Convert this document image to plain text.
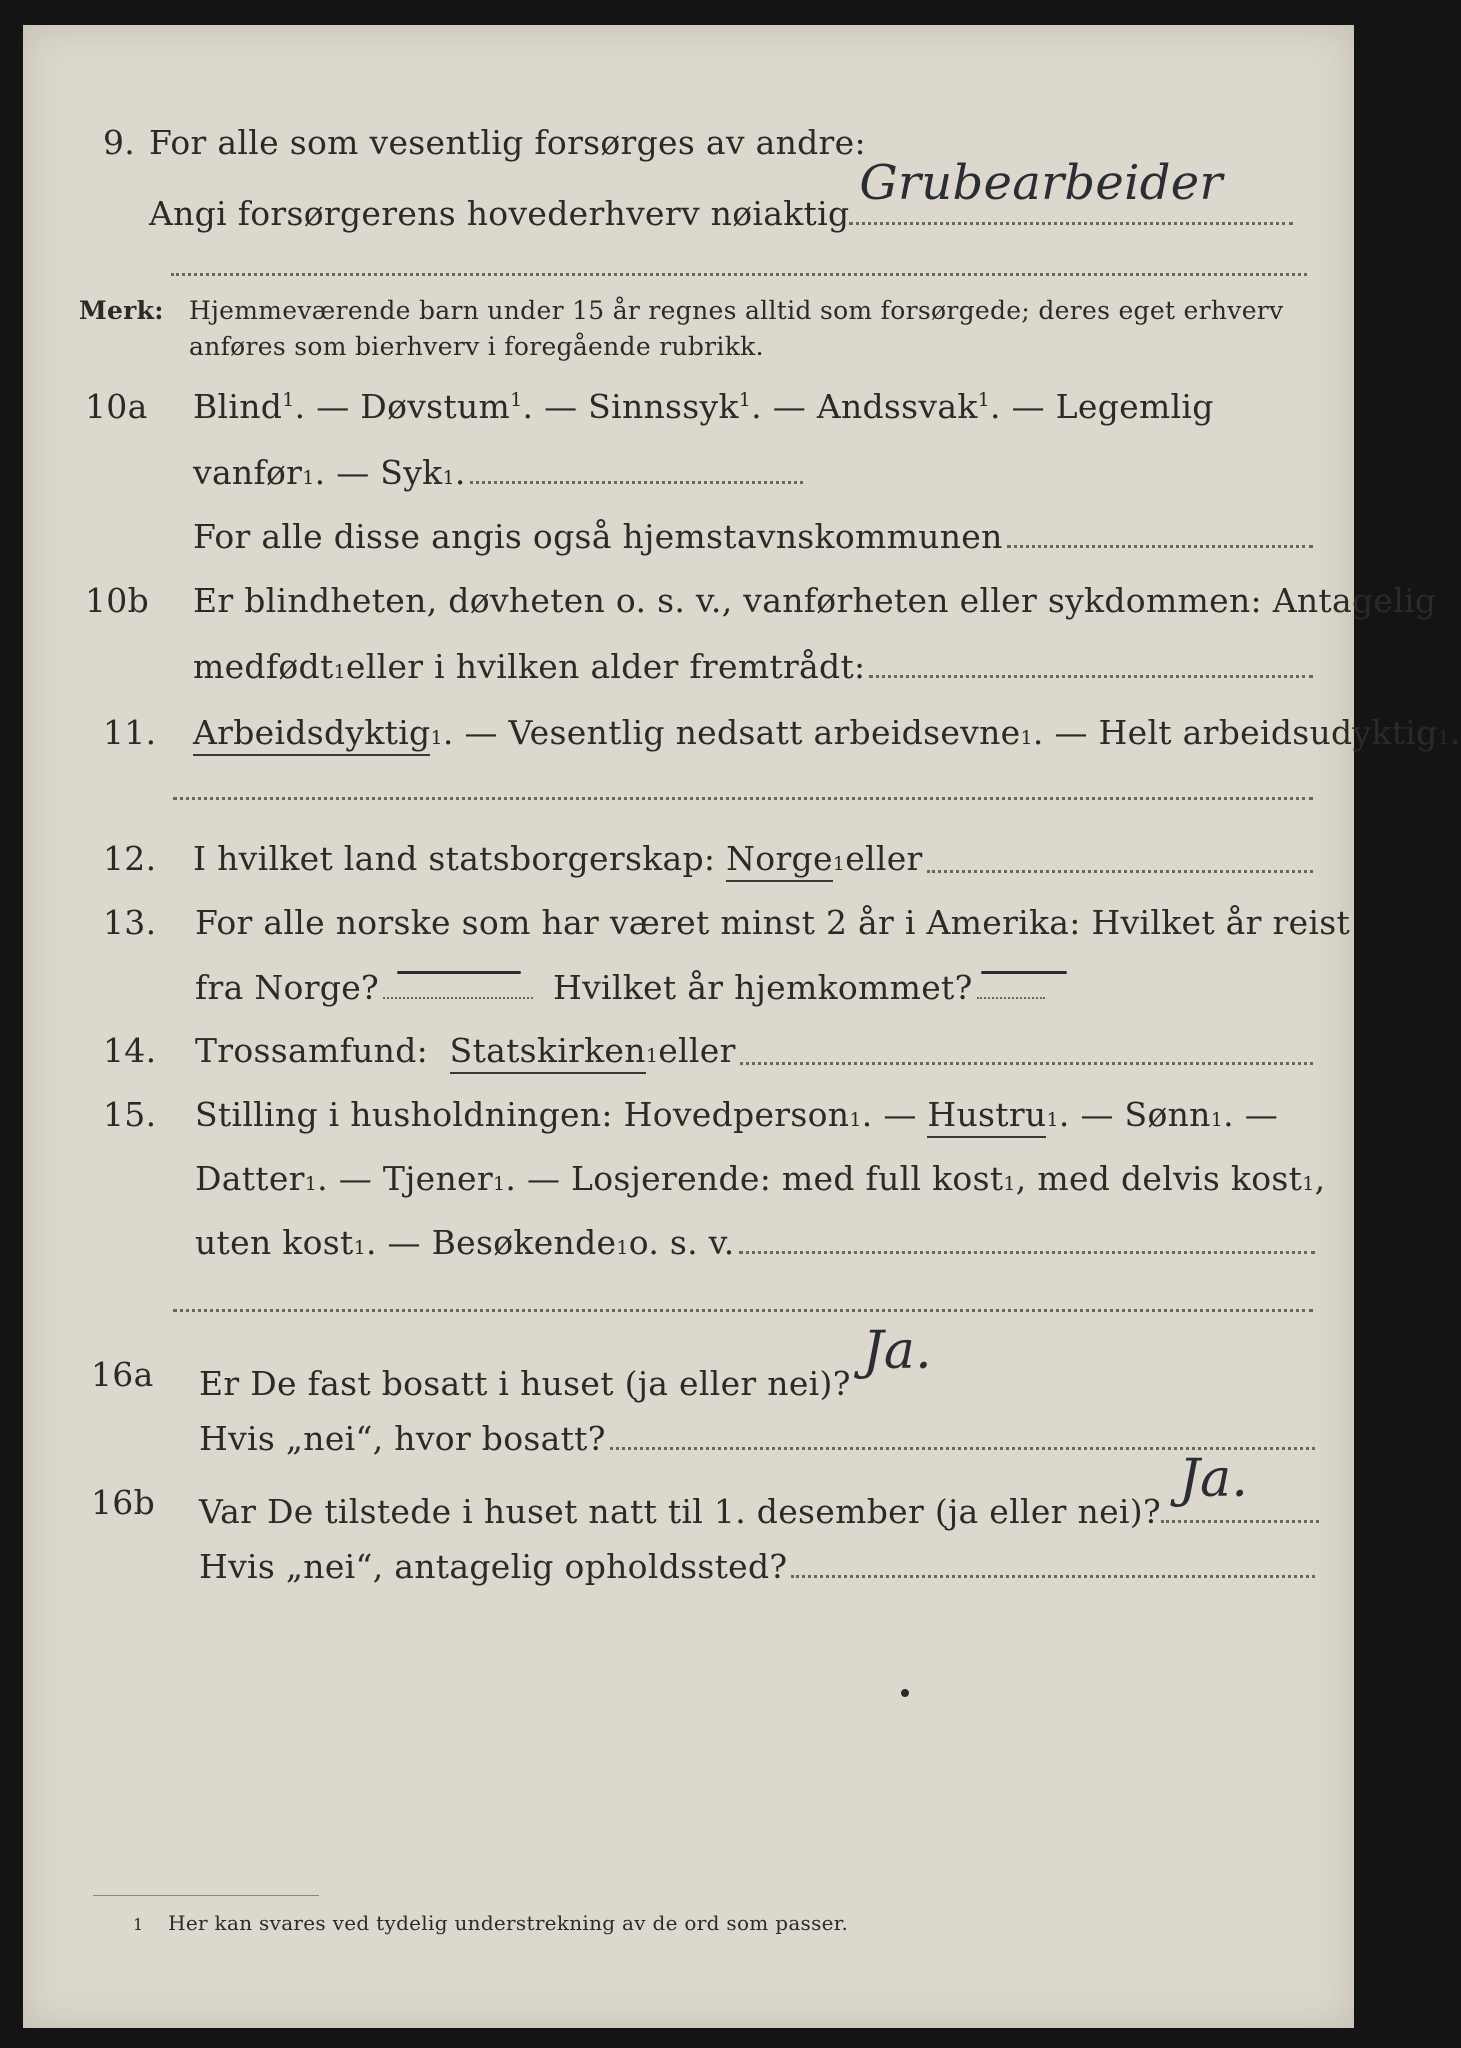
9. For alle som vesentlig forsørges av andre:
Angi forsørgerens hovederhverv nøiaktig
Grubearbeider
Merk: Hjemmeværende barn under 15 år regnes alltid som forsørgede; deres eget erhverv
anføres som bierhverv i foregående rubrikk.
10a Blind$^1$. — Døvstum$^1$. — Sinnssyk$^1$. — Andssvak$^1$. — Legemlig
vanfør 1 . — Syk 1 .
For alle disse angis også hjemstavnskommunen
10b Er blindheten, døvheten o. s. v., vanførheten eller sykdommen: Antagelig
medfødt 1 eller i hvilken alder fremtrådt:
11. Arbeidsdyktig 1 . — Vesentlig nedsatt arbeidsevne 1 . — Helt arbeidsudyktig 1 .
12. I hvilket land statsborgerskap:
Norge 1 eller
13. For alle norske som har været minst 2 år i Amerika: Hvilket år reist
fra Norge?	Hvilket år hjemkommet?
14. Trossamfund:
Statskirken 1 eller
15. Stilling i husholdningen: Hovedperson 1 . —
Hustru 1 . — Sønn 1 . —
Datter 1 . — Tjener 1 . — Losjerende: med full kost 1 , med delvis kost 1 ,
uten kost 1 . — Besøkende 1 o. s. v.
16a Er De fast bosatt i huset (ja eller nei)?
Ja.
Hvis „nei“, hvor bosatt?
16b Var De tilstede i huset natt til 1. desember (ja eller nei)?
Ja.
Hvis „nei“, antagelig opholdssted?
1 Her kan svares ved tydelig understrekning av de ord som passer.
